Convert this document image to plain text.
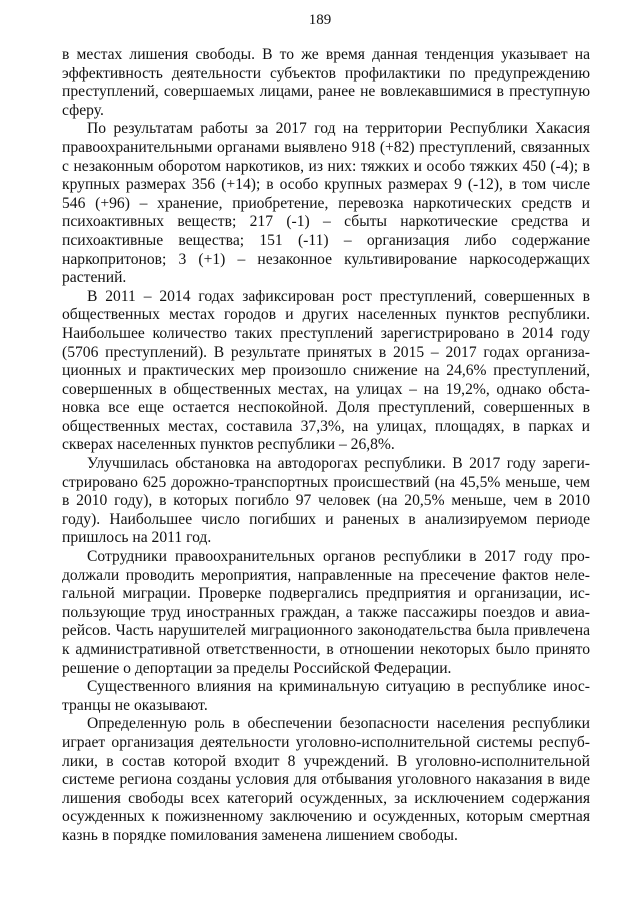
189

в местах лишения свободы. В то же время данная тенденция указывает на эффективность деятельности субъектов профилактики по предупреждению преступлений, совершаемых лицами, ранее не вовлекавшимися в преступную сферу.

По результатам работы за 2017 год на территории Республики Хакасия правоохранительными органами выявлено 918 (+82) преступлений, связанных с незаконным оборотом наркотиков, из них: тяжких и особо тяжких 450 (-4); в крупных размерах 356 (+14); в особо крупных размерах 9 (-12), в том числе 546 (+96) – хранение, приобретение, перевозка наркотических средств и психоактивных веществ; 217 (-1) – сбыты наркотические средства и психоактивные вещества; 151 (-11) – организация либо содержание наркопритонов; 3 (+1) – незаконное культивирование наркосодержащих растений.

В 2011 – 2014 годах зафиксирован рост преступлений, совершенных в общественных местах городов и других населенных пунктов республики. Наибольшее количество таких преступлений зарегистрировано в 2014 году (5706 преступлений). В результате принятых в 2015 – 2017 годах организационных и практических мер произошло снижение на 24,6% преступлений, совершенных в общественных местах, на улицах – на 19,2%, однако обстановка все еще остается неспокойной. Доля преступлений, совершенных в общественных местах, составила 37,3%, на улицах, площадях, в парках и скверах населенных пунктов республики – 26,8%.

Улучшилась обстановка на автодорогах республики. В 2017 году зарегистрировано 625 дорожно-транспортных происшествий (на 45,5% меньше, чем в 2010 году), в которых погибло 97 человек (на 20,5% меньше, чем в 2010 году). Наибольшее число погибших и раненых в анализируемом периоде пришлось на 2011 год.

Сотрудники правоохранительных органов республики в 2017 году продолжали проводить мероприятия, направленные на пресечение фактов нелeгальной миграции. Проверке подвергались предприятия и организации, использующие труд иностранных граждан, а также пассажиры поездов и авиарейсов. Часть нарушителей миграционного законодательства была привлечена к административной ответственности, в отношении некоторых было принято решение о депортации за пределы Российской Федерации.

Существенного влияния на криминальную ситуацию в республике иностранцы не оказывают.

Определенную роль в обеспечении безопасности населения республики играет организация деятельности уголовно-исполнительной системы республики, в состав которой входит 8 учреждений. В уголовно-исполнительной системе региона созданы условия для отбывания уголовного наказания в виде лишения свободы всех категорий осужденных, за исключением содержания осужденных к пожизненному заключению и осужденных, которым смертная казнь в порядке помилования заменена лишением свободы.
